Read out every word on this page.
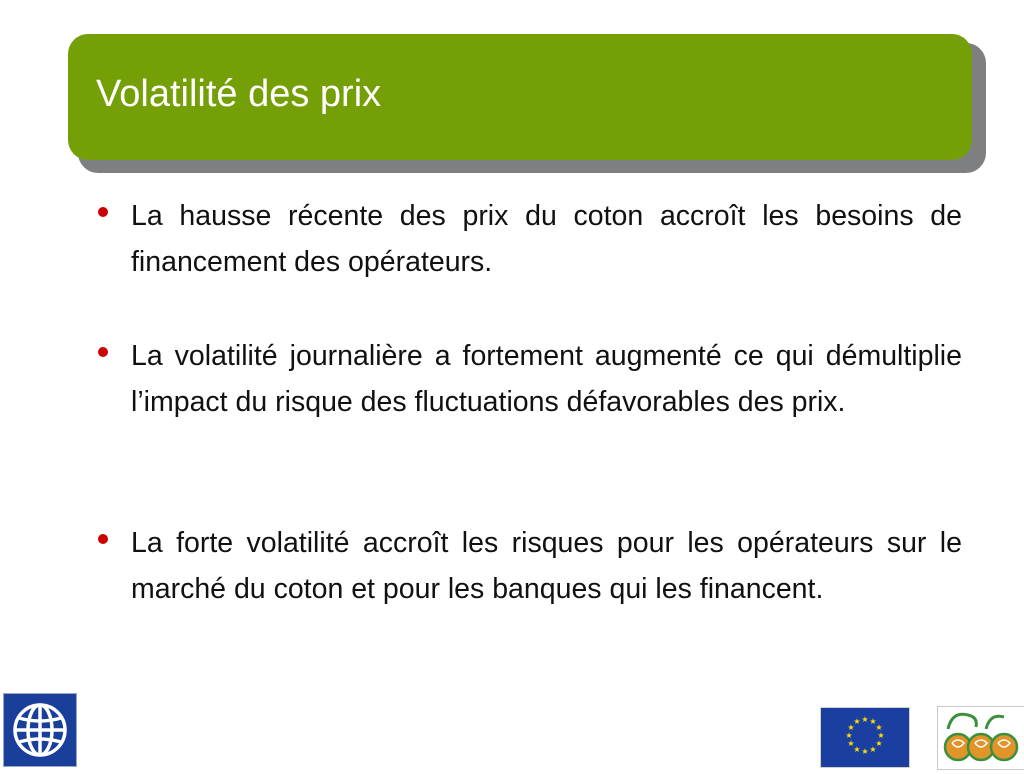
Volatilité des prix
La hausse récente des prix du coton accroît les besoins de financement des opérateurs.
La volatilité journalière a fortement augmenté ce qui démultiplie l’impact du risque des fluctuations défavorables des prix.
La forte volatilité accroît les risques pour les opérateurs sur le marché du coton et pour les banques qui les financent.
★ ★
★
★
★
★
★
★
★
★
★
★
